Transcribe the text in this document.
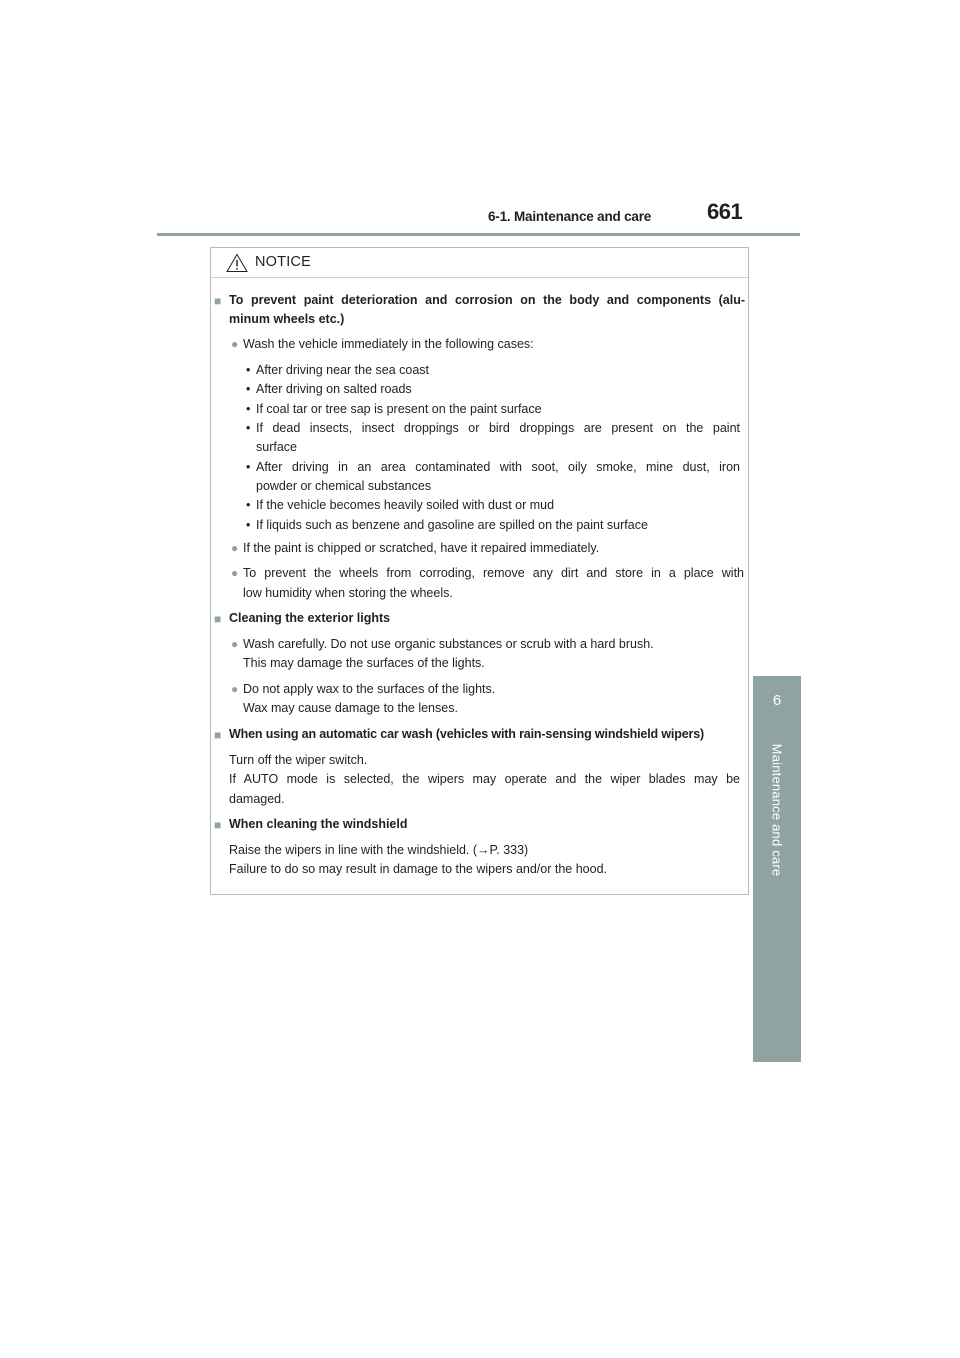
6-1. Maintenance and care	661
6
Maintenance and care
NOTICE
■ To prevent paint deterioration and corrosion on the body and components (alu-
minum wheels etc.)
● Wash the vehicle immediately in the following cases:
• After driving near the sea coast
• After driving on salted roads
• If coal tar or tree sap is present on the paint surface
• If dead insects, insect droppings or bird droppings are present on the paint
surface
• After driving in an area contaminated with soot, oily smoke, mine dust, iron
powder or chemical substances
• If the vehicle becomes heavily soiled with dust or mud
• If liquids such as benzene and gasoline are spilled on the paint surface
● If the paint is chipped or scratched, have it repaired immediately.
● To prevent the wheels from corroding, remove any dirt and store in a place with
low humidity when storing the wheels.
■ Cleaning the exterior lights
● Wash carefully. Do not use organic substances or scrub with a hard brush.
This may damage the surfaces of the lights.
● Do not apply wax to the surfaces of the lights.
Wax may cause damage to the lenses.
■ When using an automatic car wash (vehicles with rain-sensing windshield wipers)
Turn off the wiper switch.
If AUTO mode is selected, the wipers may operate and the wiper blades may be
damaged.
■ When cleaning the windshield
Raise the wipers in line with the windshield. (→P. 333)
Failure to do so may result in damage to the wipers and/or the hood.
